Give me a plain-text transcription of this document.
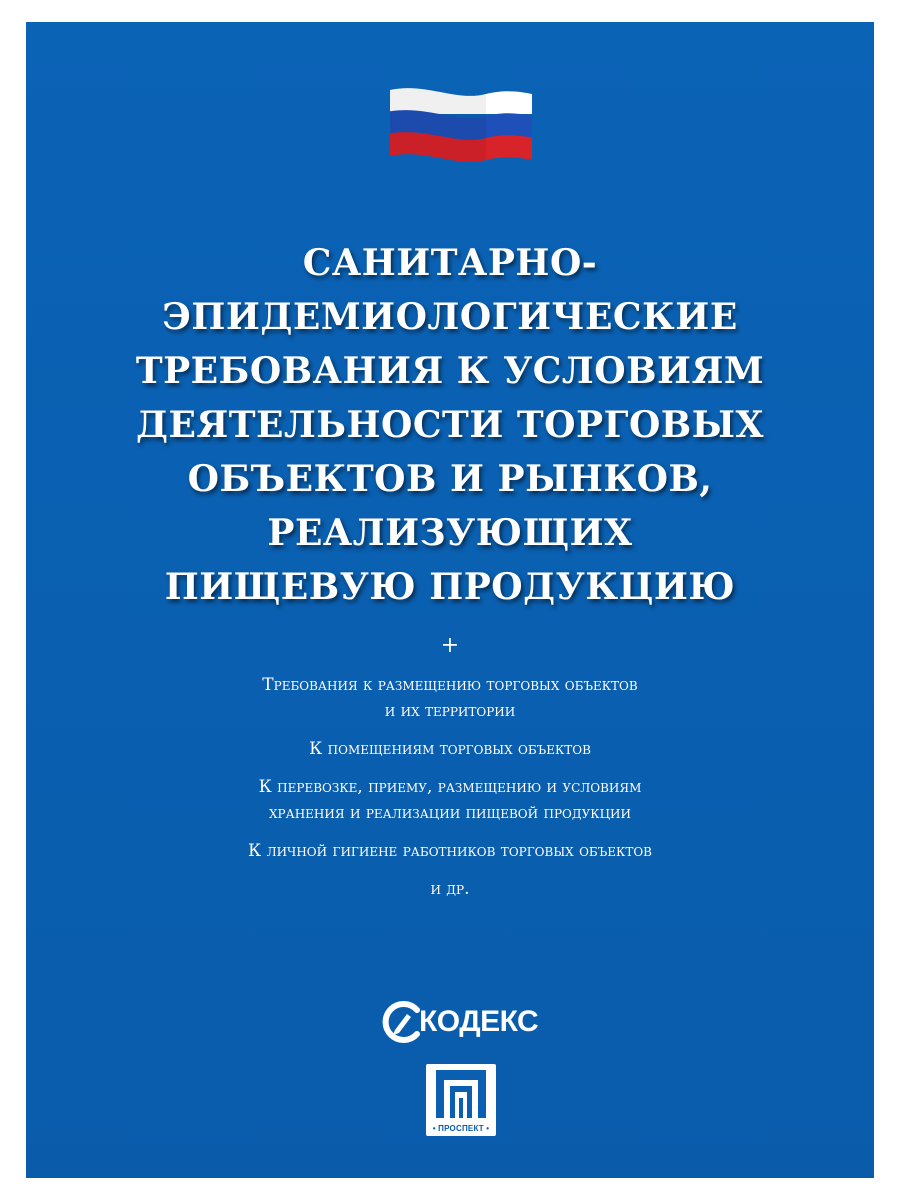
САНИТАРНО-
ЭПИДЕМИОЛОГИЧЕСКИЕ
ТРЕБОВАНИЯ К УСЛОВИЯМ
ДЕЯТЕЛЬНОСТИ ТОРГОВЫХ
ОБЪЕКТОВ И РЫНКОВ,
РЕАЛИЗУЮЩИХ
ПИЩЕВУЮ ПРОДУКЦИЮ
+
Требования к размещению торговых объектов
и их территории
К помещениям торговых объектов
К перевозке, приему, размещению и условиям
хранения и реализации пищевой продукции
К личной гигиене работников торговых объектов
и др.
КОДЕКС
• ПРОСПЕКТ •
